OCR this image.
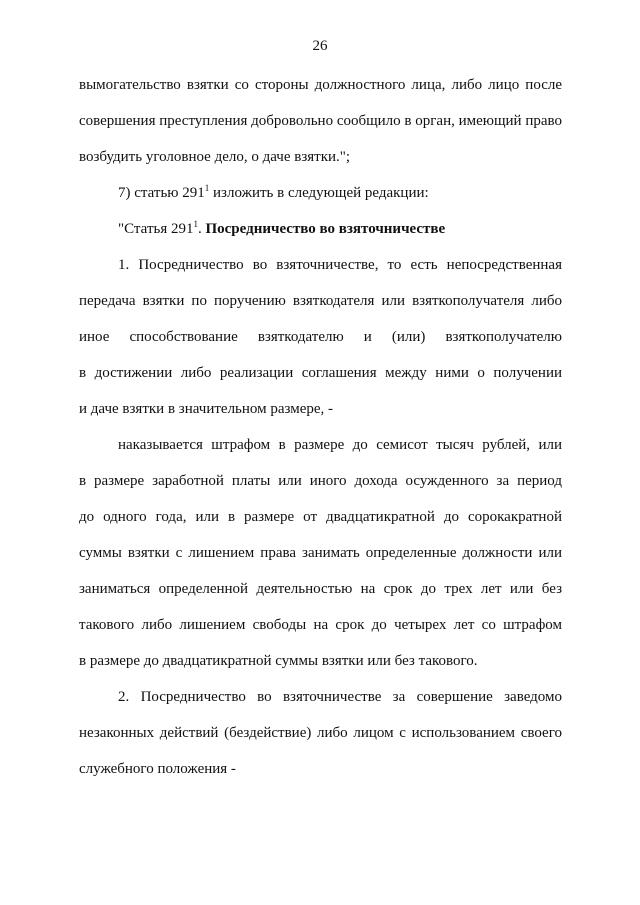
26
вымогательство взятки со стороны должностного лица, либо лицо после
совершения преступления добровольно сообщило в орган, имеющий право
возбудить уголовное дело, о даче взятки.";
7) статью $291^1$ изложить в следующей редакции:
"Статья $291^1$. Посредничество во взяточничестве
1. Посредничество во взяточничестве, то есть непосредственная
передача взятки по поручению взяткодателя или взяткополучателя либо
иное способствование взяткодателю и (или) взяткополучателю
в достижении либо реализации соглашения между ними о получении
и даче взятки в значительном размере, -
наказывается штрафом в размере до семисот тысяч рублей, или
в размере заработной платы или иного дохода осужденного за период
до одного года, или в размере от двадцатикратной до сорокакратной
суммы взятки с лишением права занимать определенные должности или
заниматься определенной деятельностью на срок до трех лет или без
такового либо лишением свободы на срок до четырех лет со штрафом
в размере до двадцатикратной суммы взятки или без такового.
2. Посредничество во взяточничестве за совершение заведомо
незаконных действий (бездействие) либо лицом с использованием своего
служебного положения -
